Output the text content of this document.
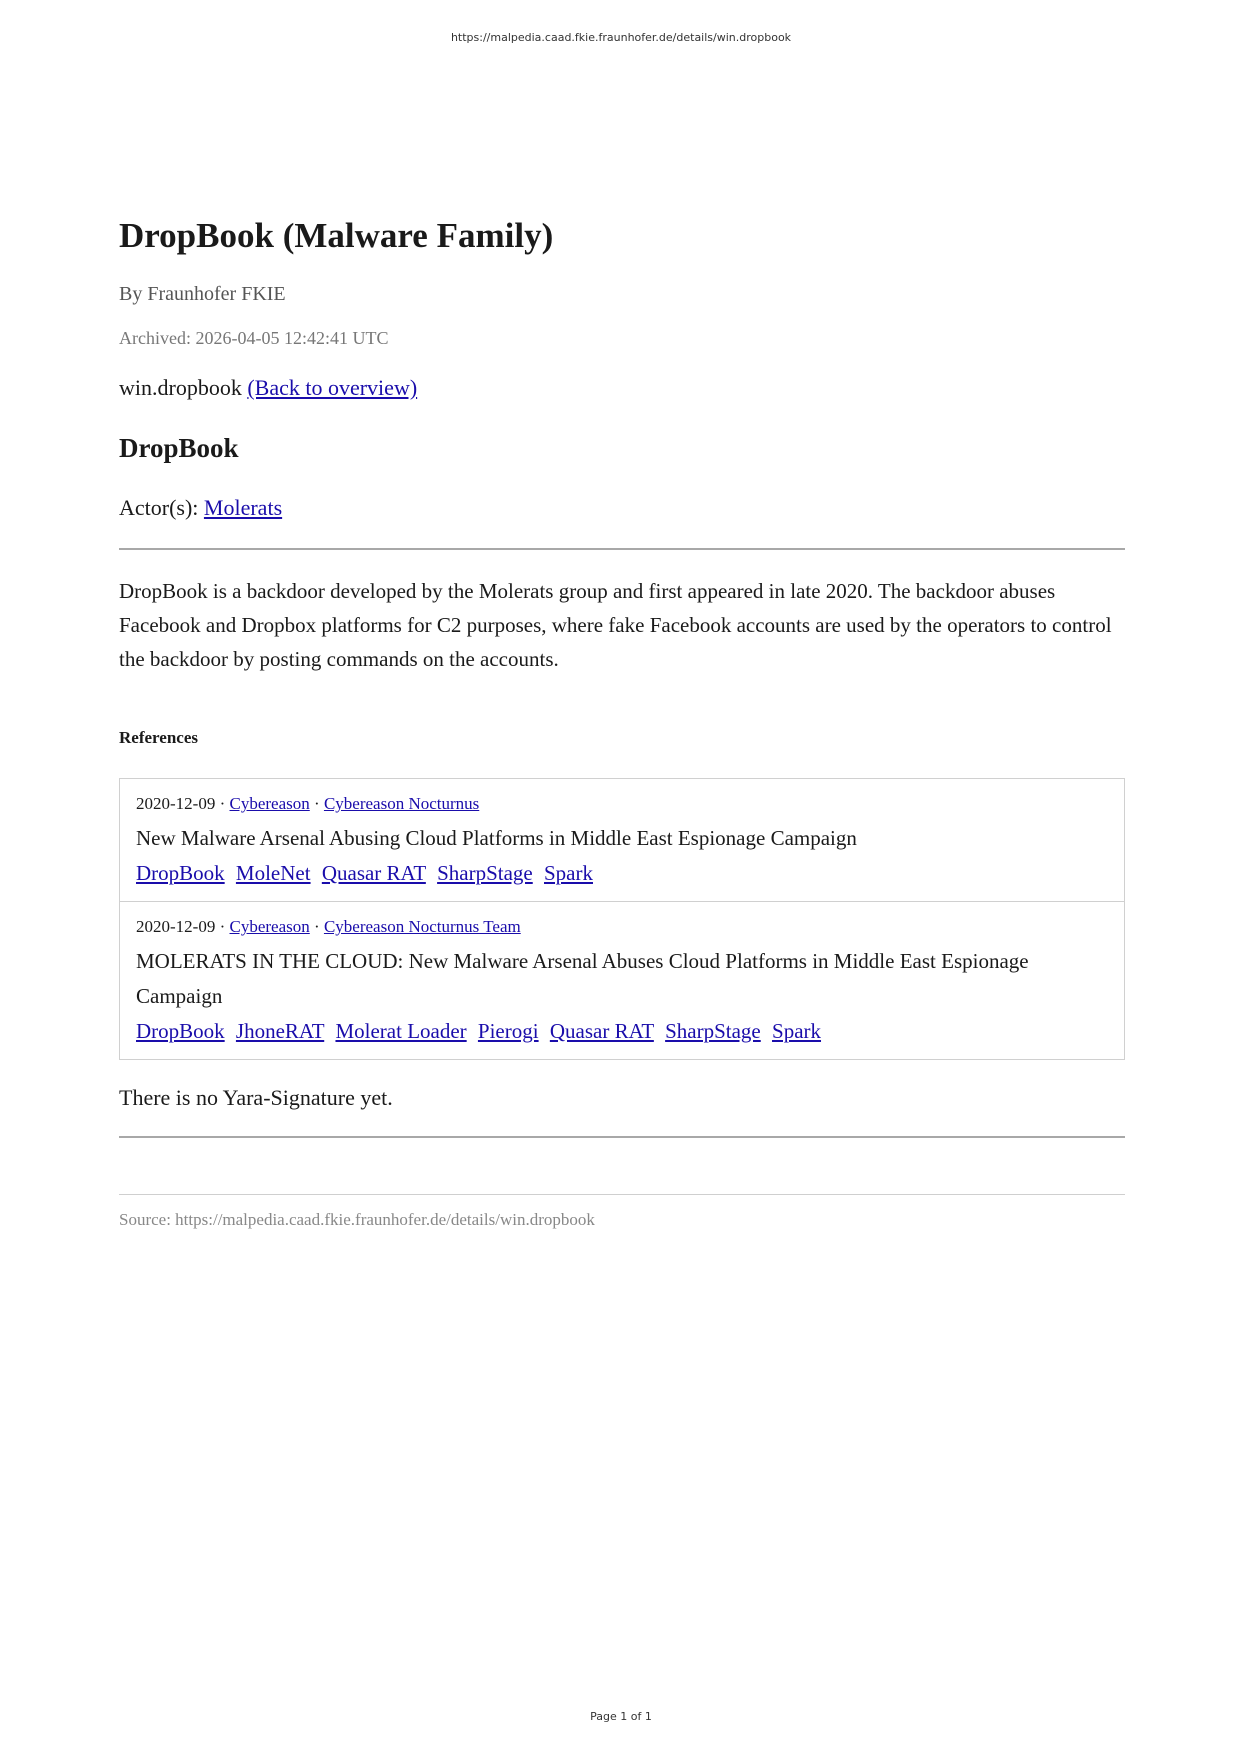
https://malpedia.caad.fkie.fraunhofer.de/details/win.dropbook
DropBook (Malware Family)
By Fraunhofer FKIE
Archived: 2026-04-05 12:42:41 UTC
win.dropbook (Back to overview)
DropBook
Actor(s): Molerats
DropBook is a backdoor developed by the Molerats group and first appeared in late 2020. The backdoor abuses Facebook and Dropbox platforms for C2 purposes, where fake Facebook accounts are used by the operators to control the backdoor by posting commands on the accounts.
References
2020-12-09 · Cybereason · Cybereason Nocturnus
New Malware Arsenal Abusing Cloud Platforms in Middle East Espionage Campaign
DropBook MoleNet Quasar RAT SharpStage Spark
2020-12-09 · Cybereason · Cybereason Nocturnus Team
MOLERATS IN THE CLOUD: New Malware Arsenal Abuses Cloud Platforms in Middle East Espionage Campaign
DropBook JhoneRAT Molerat Loader Pierogi Quasar RAT SharpStage Spark
There is no Yara-Signature yet.
Source: https://malpedia.caad.fkie.fraunhofer.de/details/win.dropbook
Page 1 of 1
